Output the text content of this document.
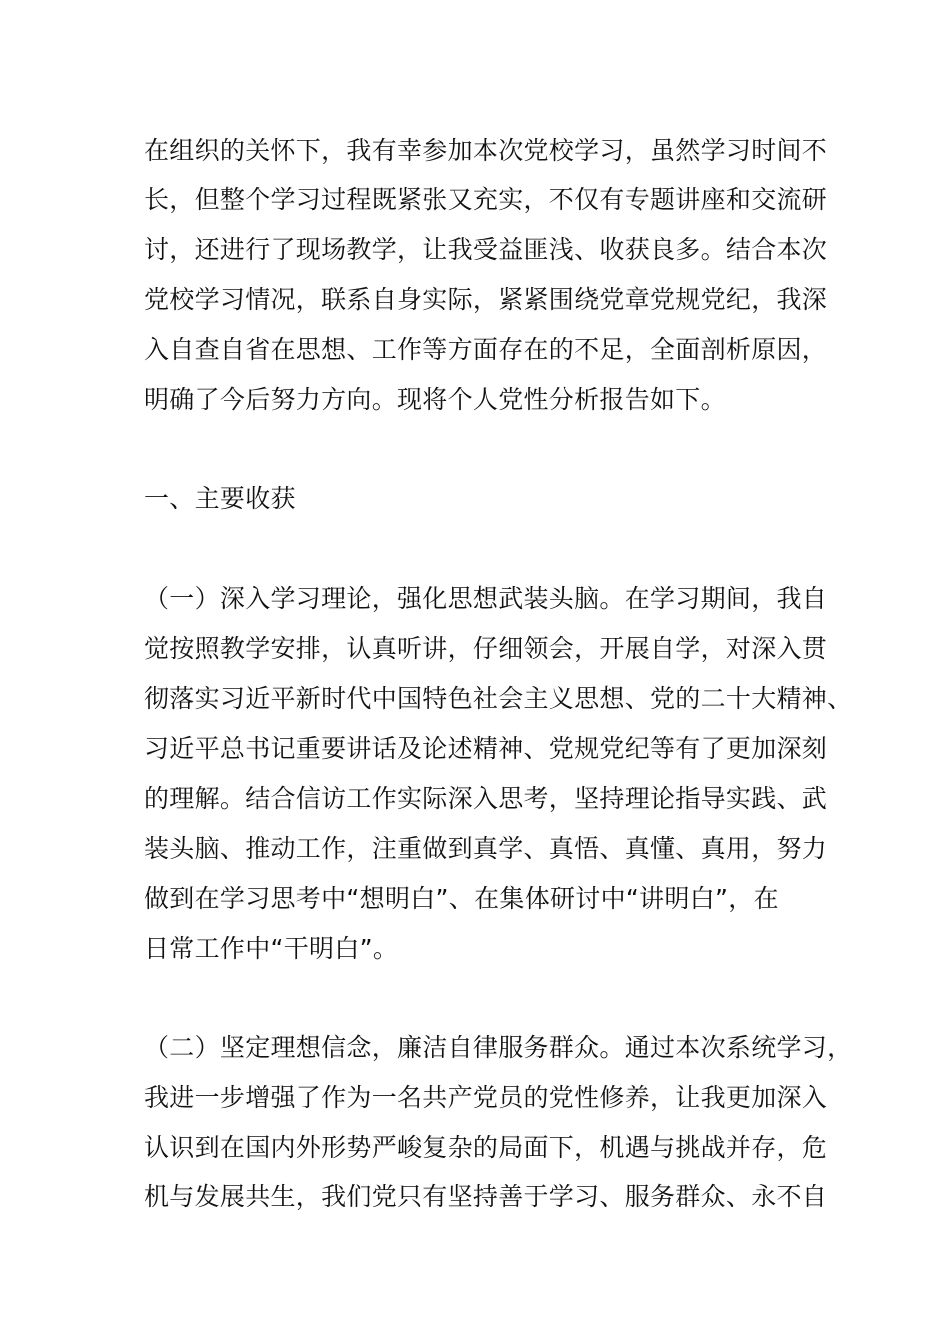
在组织的关怀下，我有幸参加本次党校学习，虽然学习时间不
长，但整个学习过程既紧张又充实，不仅有专题讲座和交流研
讨，还进行了现场教学，让我受益匪浅、收获良多。结合本次
党校学习情况，联系自身实际，紧紧围绕党章党规党纪，我深
入自查自省在思想、工作等方面存在的不足，全面剖析原因，
明确了今后努力方向。现将个人党性分析报告如下。
一、主要收获
（一）深入学习理论，强化思想武装头脑。在学习期间，我自
觉按照教学安排，认真听讲，仔细领会，开展自学，对深入贯
彻落实习近平新时代中国特色社会主义思想、党的二十大精神、
习近平总书记重要讲话及论述精神、党规党纪等有了更加深刻
的理解。结合信访工作实际深入思考，坚持理论指导实践、武
装头脑、推动工作，注重做到真学、真悟、真懂、真用，努力
做到在学习思考中“想明白”、在集体研讨中“讲明白”，在
日常工作中“干明白”。
（二）坚定理想信念，廉洁自律服务群众。通过本次系统学习，
我进一步增强了作为一名共产党员的党性修养，让我更加深入
认识到在国内外形势严峻复杂的局面下，机遇与挑战并存，危
机与发展共生，我们党只有坚持善于学习、服务群众、永不自
